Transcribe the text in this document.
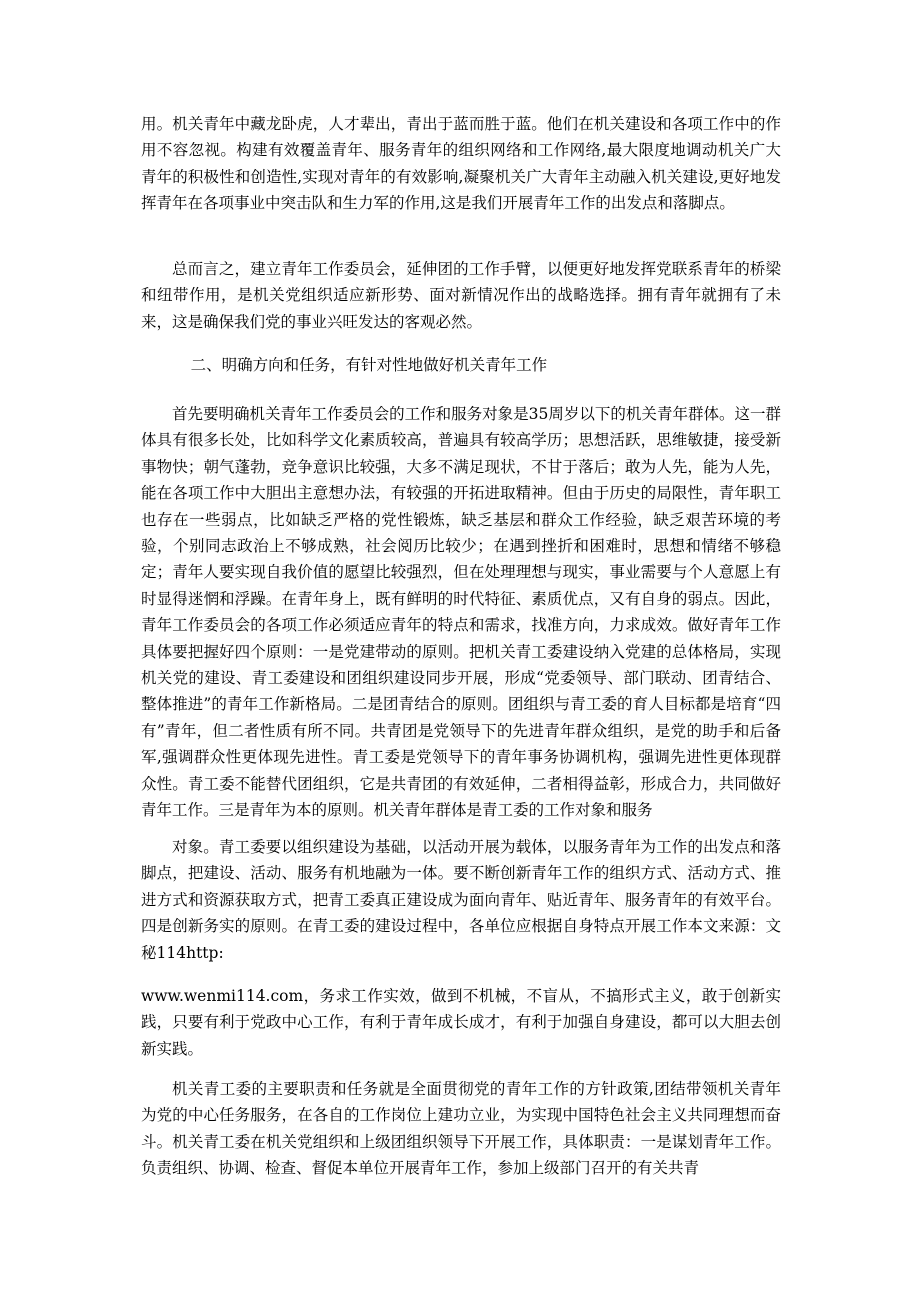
用。机关青年中藏龙卧虎，人才辈出，青出于蓝而胜于蓝。他们在机关建设和各项工作中的作用不容忽视。构建有效覆盖青年、服务青年的组织网络和工作网络,最大限度地调动机关广大青年的积极性和创造性,实现对青年的有效影响,凝聚机关广大青年主动融入机关建设,更好地发挥青年在各项事业中突击队和生力军的作用,这是我们开展青年工作的出发点和落脚点。

总而言之，建立青年工作委员会，延伸团的工作手臂，以便更好地发挥党联系青年的桥梁和纽带作用，是机关党组织适应新形势、面对新情况作出的战略选择。拥有青年就拥有了未来，这是确保我们党的事业兴旺发达的客观必然。

二、明确方向和任务，有针对性地做好机关青年工作

首先要明确机关青年工作委员会的工作和服务对象是35周岁以下的机关青年群体。这一群体具有很多长处，比如科学文化素质较高，普遍具有较高学历；思想活跃，思维敏捷，接受新事物快；朝气蓬勃，竞争意识比较强，大多不满足现状，不甘于落后；敢为人先，能为人先，能在各项工作中大胆出主意想办法，有较强的开拓进取精神。但由于历史的局限性，青年职工也存在一些弱点，比如缺乏严格的党性锻炼，缺乏基层和群众工作经验，缺乏艰苦环境的考验，个别同志政治上不够成熟，社会阅历比较少；在遇到挫折和困难时，思想和情绪不够稳定；青年人要实现自我价值的愿望比较强烈，但在处理理想与现实，事业需要与个人意愿上有时显得迷惘和浮躁。在青年身上，既有鲜明的时代特征、素质优点，又有自身的弱点。因此，青年工作委员会的各项工作必须适应青年的特点和需求，找准方向，力求成效。做好青年工作具体要把握好四个原则：一是党建带动的原则。把机关青工委建设纳入党建的总体格局，实现机关党的建设、青工委建设和团组织建设同步开展，形成“党委领导、部门联动、团青结合、整体推进”的青年工作新格局。二是团青结合的原则。团组织与青工委的育人目标都是培育“四有”青年，但二者性质有所不同。共青团是党领导下的先进青年群众组织，是党的助手和后备军,强调群众性更体现先进性。青工委是党领导下的青年事务协调机构，强调先进性更体现群众性。青工委不能替代团组织，它是共青团的有效延伸，二者相得益彰，形成合力，共同做好青年工作。三是青年为本的原则。机关青年群体是青工委的工作对象和服务

对象。青工委要以组织建设为基础，以活动开展为载体，以服务青年为工作的出发点和落脚点，把建设、活动、服务有机地融为一体。要不断创新青年工作的组织方式、活动方式、推进方式和资源获取方式，把青工委真正建设成为面向青年、贴近青年、服务青年的有效平台。四是创新务实的原则。在青工委的建设过程中，各单位应根据自身特点开展工作本文来源：文秘114http:

www.wenmi114.com，务求工作实效，做到不机械，不盲从，不搞形式主义，敢于创新实践，只要有利于党政中心工作，有利于青年成长成才，有利于加强自身建设，都可以大胆去创新实践。

机关青工委的主要职责和任务就是全面贯彻党的青年工作的方针政策,团结带领机关青年为党的中心任务服务，在各自的工作岗位上建功立业，为实现中国特色社会主义共同理想而奋斗。机关青工委在机关党组织和上级团组织领导下开展工作，具体职责：一是谋划青年工作。负责组织、协调、检查、督促本单位开展青年工作，参加上级部门召开的有关共青
